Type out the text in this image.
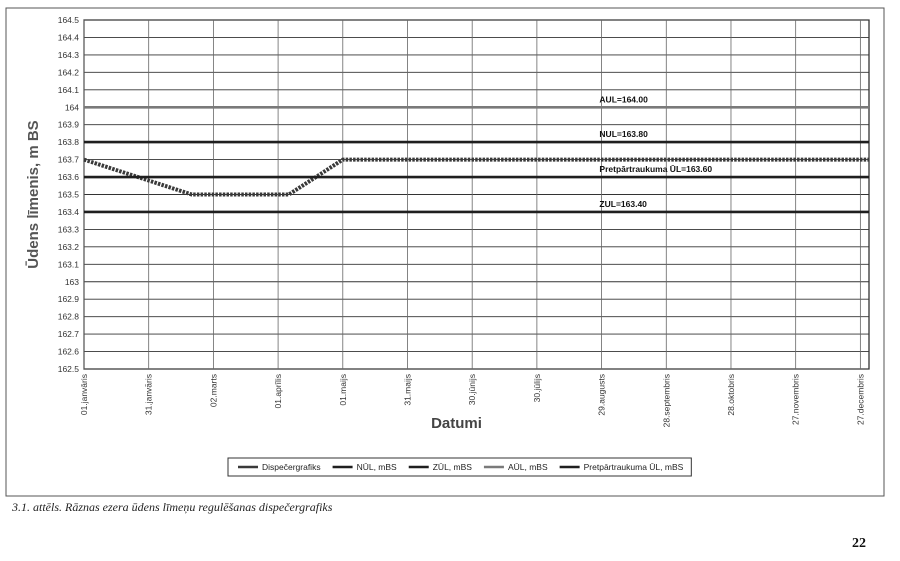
162.5
162.6
162.7
162.8
162.9
163
163.1
163.2
163.3
163.4
163.5
163.6
163.7
163.8
163.9
164
164.1
164.2
164.3
164.4
164.5
01.janvāris	31.janvāris	02.marts	01.aprīlis	01.maijs	31.maijs	30.jūnijs	30.jūlijs	29.augusts	28.septembris	28.oktobris	27.novembris	27.decembris
AUL=164.00
NUL=163.80
Pretpārtraukuma ŪL=163.60
ZUL=163.40
Ūdens līmenis, m BS
Datumi
Dispečergrafiks	NŪL, mBS	ZŪL, mBS	AŪL, mBS	Pretpārtraukuma ŪL, mBS
3.1. attēls. Rāznas ezera ūdens līmeņu regulēšanas dispečergrafiks
22
